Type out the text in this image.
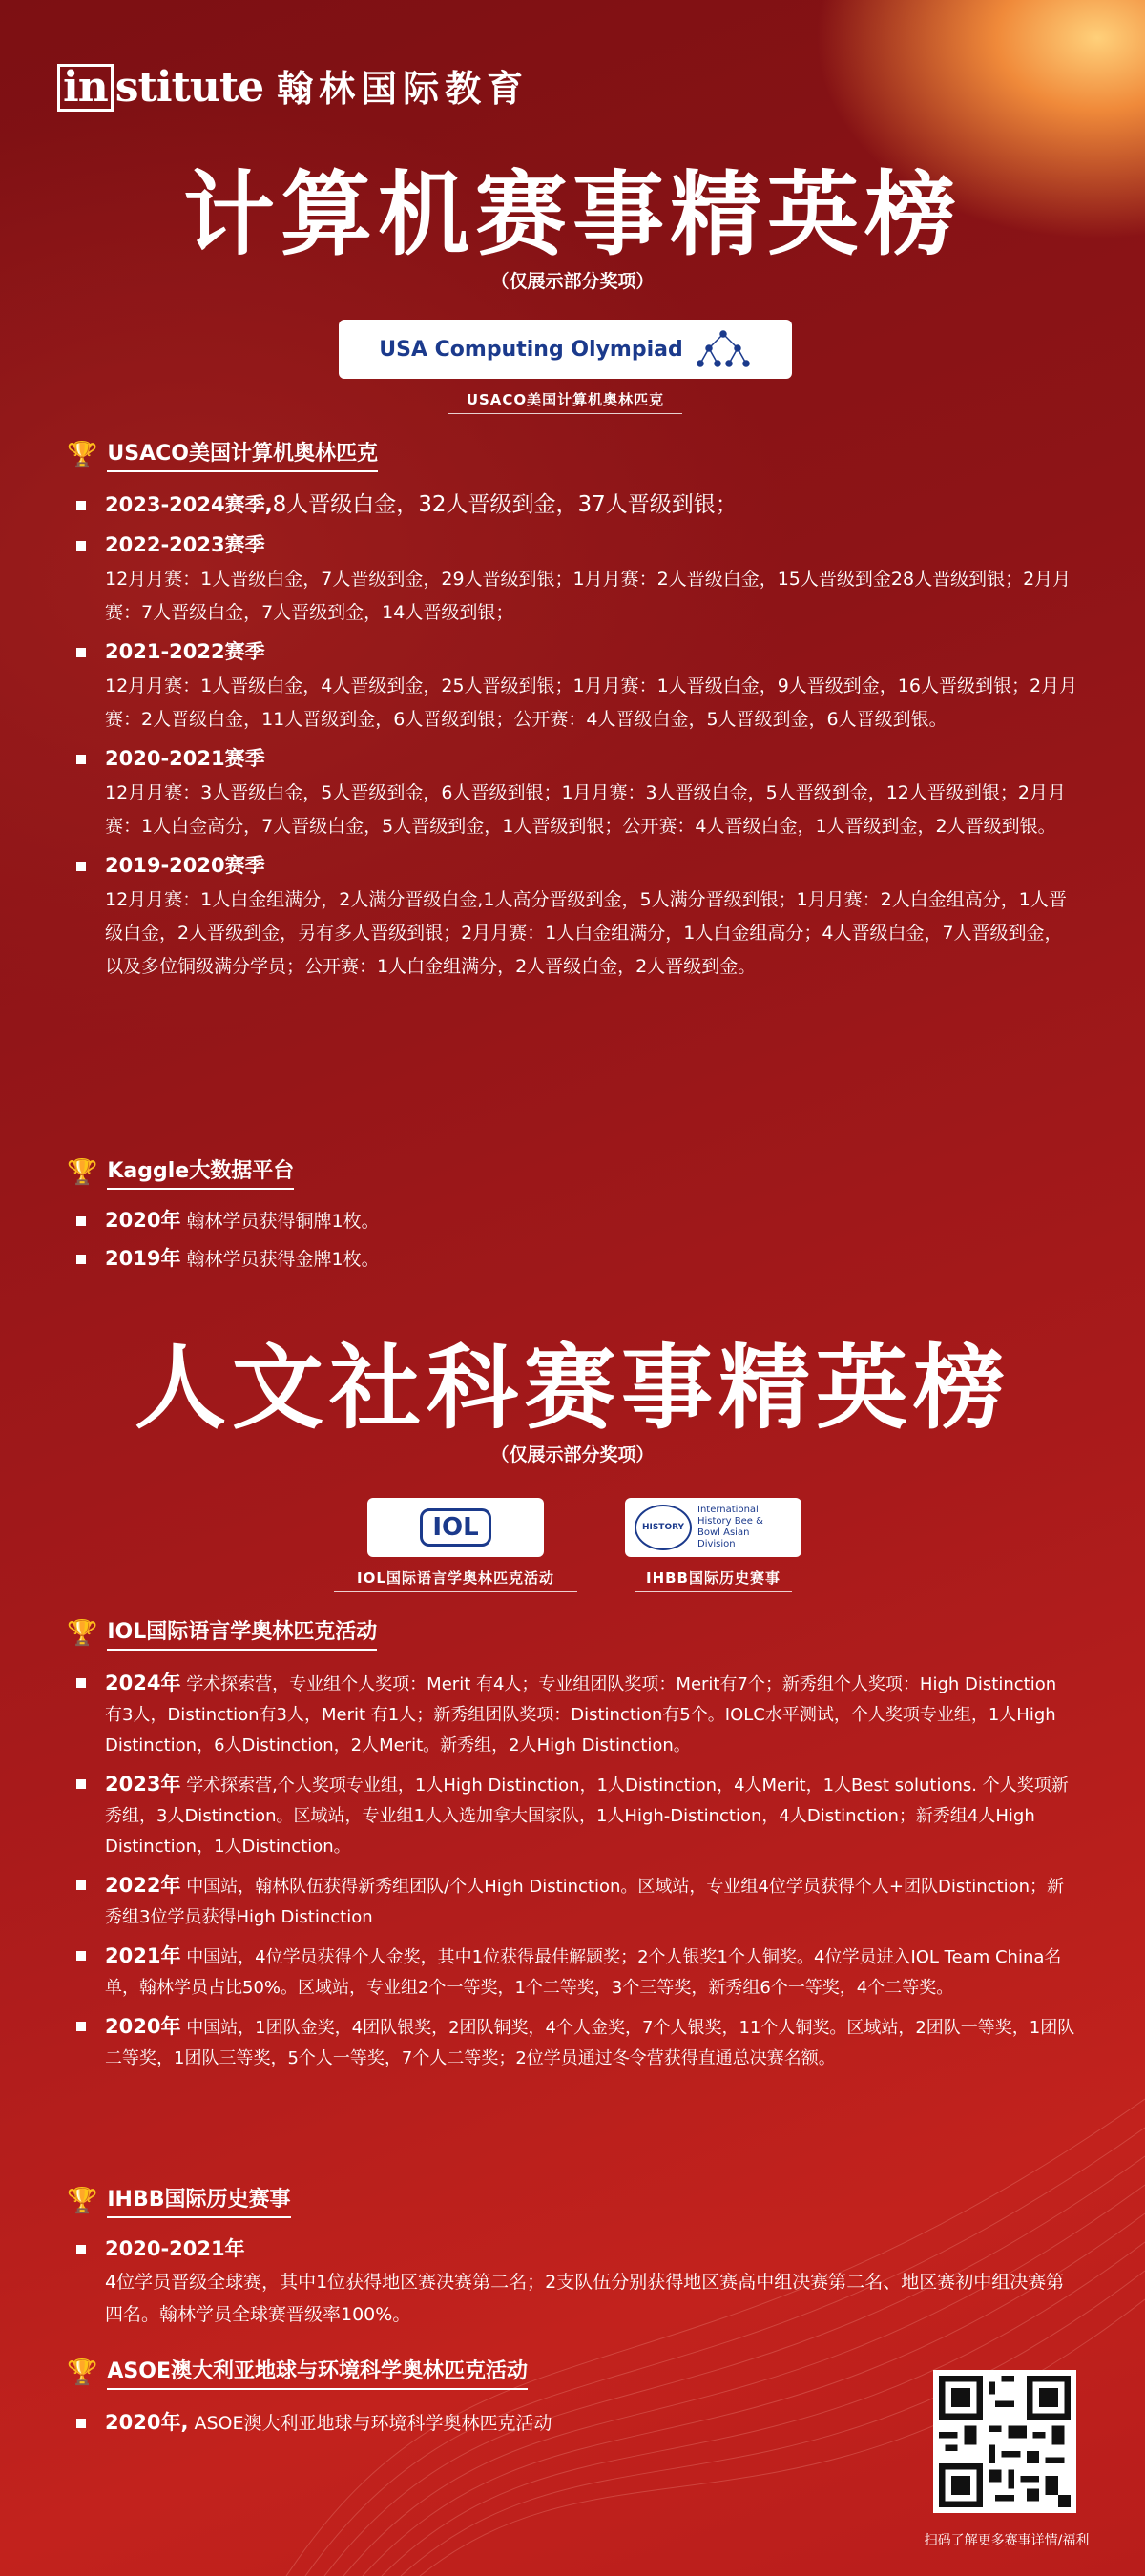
in stitute 翰林国际教育
计算机赛事精英榜
（仅展示部分奖项）
USA Computing Olympiad
USACO美国计算机奥林匹克
🏆 USACO美国计算机奥林匹克
2023-2024赛季,8人晋级白金，32人晋级到金，37人晋级到银；
2022-2023赛季
12月月赛：1人晋级白金，7人晋级到金，29人晋级到银；1月月赛：2人晋级白金，15人晋级到金28人晋级到银；2月月赛：7人晋级白金，7人晋级到金，14人晋级到银；
2021-2022赛季
12月月赛：1人晋级白金，4人晋级到金，25人晋级到银；1月月赛：1人晋级白金，9人晋级到金，16人晋级到银；2月月赛：2人晋级白金，11人晋级到金，6人晋级到银；公开赛：4人晋级白金，5人晋级到金，6人晋级到银。
2020-2021赛季
12月月赛：3人晋级白金，5人晋级到金，6人晋级到银；1月月赛：3人晋级白金，5人晋级到金，12人晋级到银；2月月赛：1人白金高分，7人晋级白金，5人晋级到金，1人晋级到银；公开赛：4人晋级白金，1人晋级到金，2人晋级到银。
2019-2020赛季
12月月赛：1人白金组满分，2人满分晋级白金,1人高分晋级到金，5人满分晋级到银；1月月赛：2人白金组高分，1人晋级白金，2人晋级到金，另有多人晋级到银；2月月赛：1人白金组满分，1人白金组高分；4人晋级白金，7人晋级到金，以及多位铜级满分学员；公开赛：1人白金组满分，2人晋级白金，2人晋级到金。
🏆 Kaggle大数据平台
2020年 翰林学员获得铜牌1枚。
2019年 翰林学员获得金牌1枚。
人文社科赛事精英榜
（仅展示部分奖项）
IOL
IOL国际语言学奥林匹克活动
HISTORY
International History Bee & Bowl Asian Division
IHBB国际历史赛事
🏆 IOL国际语言学奥林匹克活动
2024年 学术探索营，专业组个人奖项：Merit 有4人；专业组团队奖项：Merit有7个；新秀组个人奖项：High Distinction 有3人，Distinction有3人，Merit 有1人；新秀组团队奖项：Distinction有5个。IOLC水平测试，个人奖项专业组，1人High Distinction，6人Distinction，2人Merit。新秀组，2人High Distinction。
2023年 学术探索营,个人奖项专业组，1人High Distinction，1人Distinction，4人Merit，1人Best solutions. 个人奖项新秀组，3人Distinction。区域站，专业组1人入选加拿大国家队，1人High-Distinction，4人Distinction；新秀组4人High Distinction，1人Distinction。
2022年 中国站，翰林队伍获得新秀组团队/个人High Distinction。区域站，专业组4位学员获得个人+团队Distinction；新秀组3位学员获得High Distinction
2021年 中国站，4位学员获得个人金奖，其中1位获得最佳解题奖；2个人银奖1个人铜奖。4位学员进入IOL Team China名单，翰林学员占比50%。区域站，专业组2个一等奖，1个二等奖，3个三等奖，新秀组6个一等奖，4个二等奖。
2020年 中国站，1团队金奖，4团队银奖，2团队铜奖，4个人金奖，7个人银奖，11个人铜奖。区域站，2团队一等奖，1团队二等奖，1团队三等奖，5个人一等奖，7个人二等奖；2位学员通过冬令营获得直通总决赛名额。
🏆 IHBB国际历史赛事
2020-2021年
4位学员晋级全球赛，其中1位获得地区赛决赛第二名；2支队伍分别获得地区赛高中组决赛第二名、地区赛初中组决赛第四名。翰林学员全球赛晋级率100%。
🏆 ASOE澳大利亚地球与环境科学奥林匹克活动
2020年, ASOE澳大利亚地球与环境科学奥林匹克活动
扫码了解更多赛事详情/福利
